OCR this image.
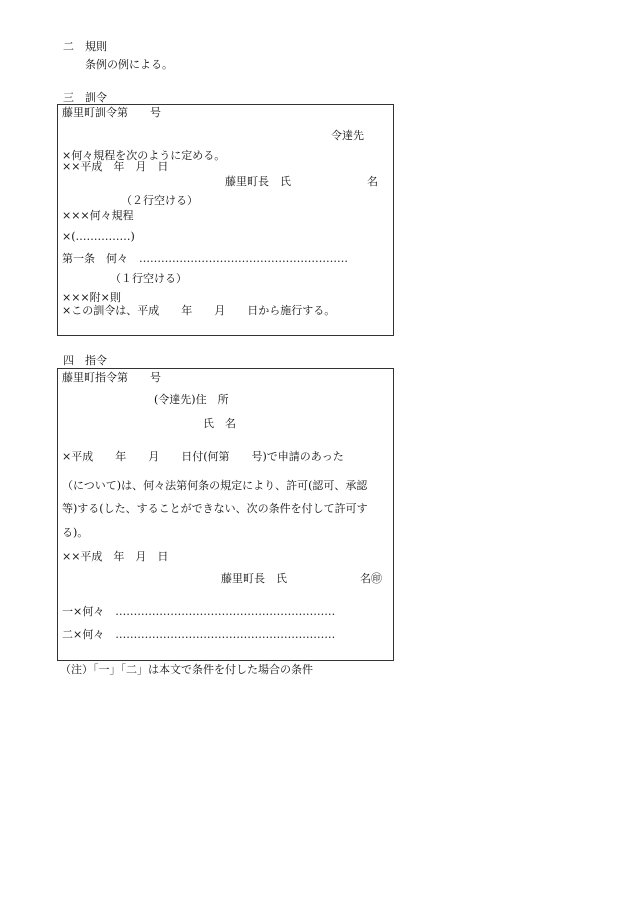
二　規則
条例の例による。
三　訓令
藤里町訓令第　　号
令達先
×何々規程を次のように定める。
××平成　年　月　日
藤里町長　氏	名
（２行空ける）
×××何々規程
×(……………)
第一条　何々　…………………………………………………
（１行空ける）
×××附×則
×この訓令は、平成　　年　　月　　日から施行する。
四　指令
藤里町指令第　　号
(令達先)住　所
氏　名
×平成　　年　　月　　日付(何第　　号)で申請のあった
（について)は、何々法第何条の規定により、許可(認可、承認
等)する(した、することができない、次の条件を付して許可す
る)。
××平成　年　月　日
藤里町長　氏	名㊞
一×何々　……………………………………………………
二×何々　……………………………………………………
（注）「一」「二」は本文で条件を付した場合の条件
